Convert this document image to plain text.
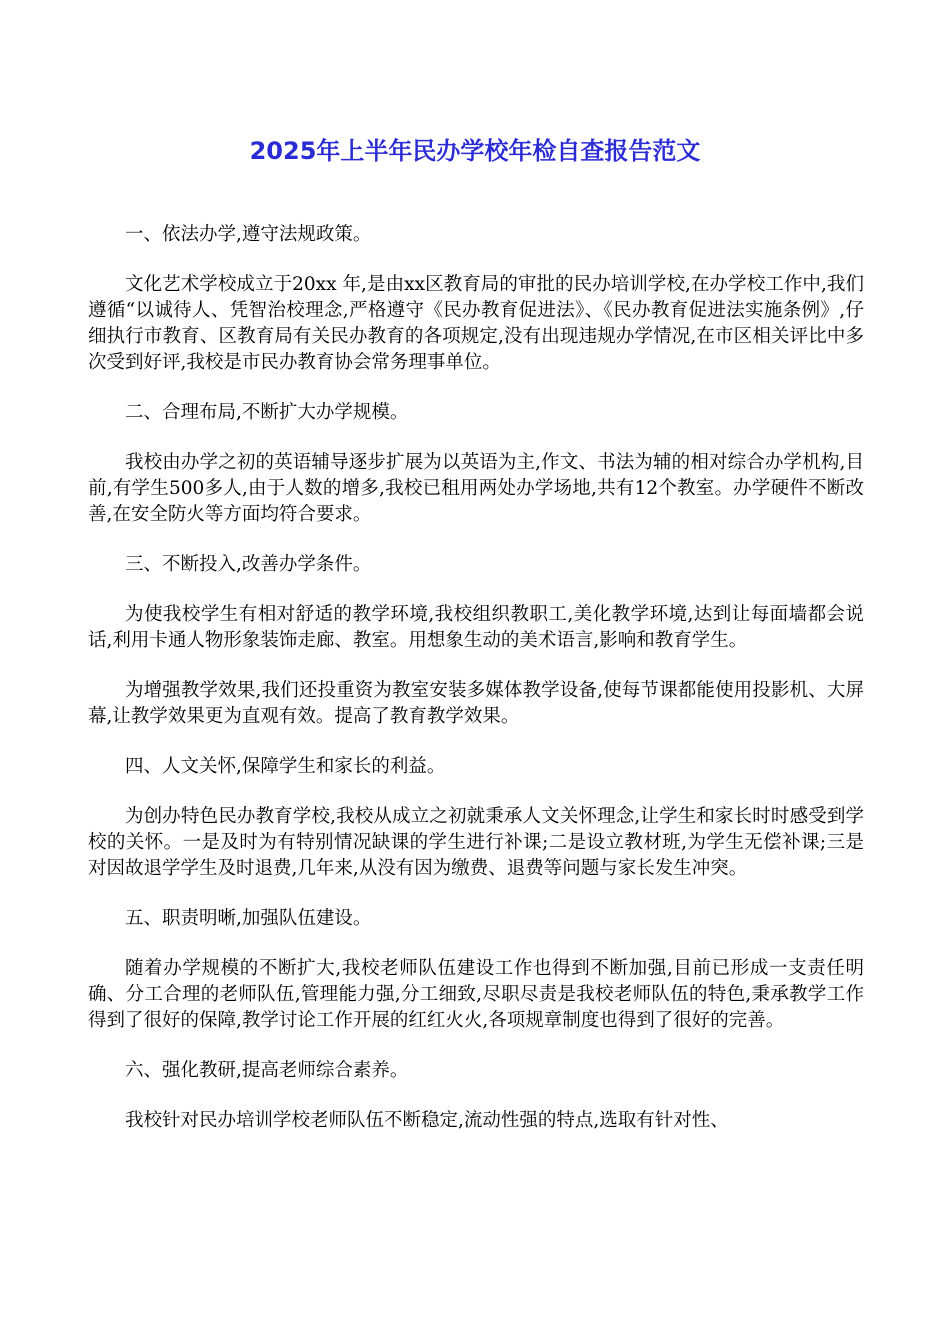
2025年上半年民办学校年检自查报告范文

一、依法办学,遵守法规政策。

文化艺术学校成立于20xx 年,是由xx区教育局的审批的民办培训学校,在办学校工作中,我们遵循“以诚待人、凭智治校理念,严格遵守《民办教育促进法》、《民办教育促进法实施条例》,仔细执行市教育、区教育局有关民办教育的各项规定,没有出现违规办学情况,在市区相关评比中多次受到好评,我校是市民办教育协会常务理事单位。

二、合理布局,不断扩大办学规模。

我校由办学之初的英语辅导逐步扩展为以英语为主,作文、书法为辅的相对综合办学机构,目前,有学生500多人,由于人数的增多,我校已租用两处办学场地,共有12个教室。办学硬件不断改善,在安全防火等方面均符合要求。

三、不断投入,改善办学条件。

为使我校学生有相对舒适的教学环境,我校组织教职工,美化教学环境,达到让每面墙都会说话,利用卡通人物形象装饰走廊、教室。用想象生动的美术语言,影响和教育学生。

为增强教学效果,我们还投重资为教室安装多媒体教学设备,使每节课都能使用投影机、大屏幕,让教学效果更为直观有效。提高了教育教学效果。

四、人文关怀,保障学生和家长的利益。

为创办特色民办教育学校,我校从成立之初就秉承人文关怀理念,让学生和家长时时感受到学校的关怀。一是及时为有特别情况缺课的学生进行补课;二是设立教材班,为学生无偿补课;三是对因故退学学生及时退费,几年来,从没有因为缴费、退费等问题与家长发生冲突。

五、职责明晰,加强队伍建设。

随着办学规模的不断扩大,我校老师队伍建设工作也得到不断加强,目前已形成一支责任明确、分工合理的老师队伍,管理能力强,分工细致,尽职尽责是我校老师队伍的特色,秉承教学工作得到了很好的保障,教学讨论工作开展的红红火火,各项规章制度也得到了很好的完善。

六、强化教研,提高老师综合素养。

我校针对民办培训学校老师队伍不断稳定,流动性强的特点,选取有针对性、
